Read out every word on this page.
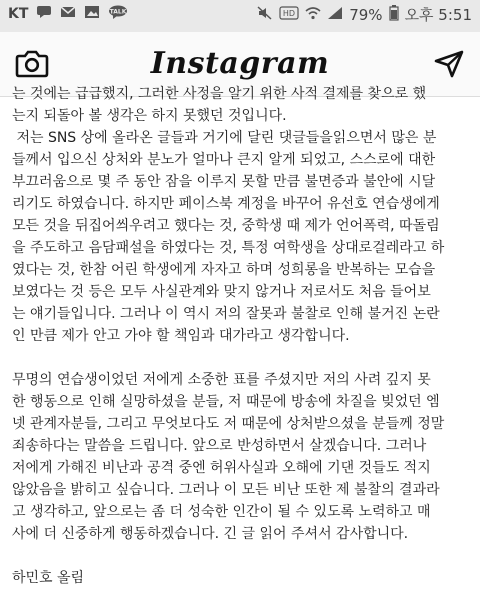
KT	TALK	HD	79% 오후 5:51
Instagram
는 것에는 급급했지, 그러한 사정을 알기 위한 사적 결제를 찾으로 했
는지 되돌아 볼 생각은 하지 못했던 것입니다.
저는 SNS 상에 올라온 글들과 거기에 달린 댓글들을읽으면서 많은 분
들께서 입으신 상처와 분노가 얼마나 큰지 알게 되었고, 스스로에 대한
부끄러움으로 몇 주 동안 잠을 이루지 못할 만큼 불면증과 불안에 시달
리기도 하였습니다. 하지만 페이스북 계정을 바꾸어 유선호 연습생에게
모든 것을 뒤집어씌우려고 했다는 것, 중학생 때 제가 언어폭력, 따돌림
을 주도하고 음담패설을 하였다는 것, 특정 여학생을 상대로걸레라고 하
였다는 것, 한참 어린 학생에게 자자고 하며 성희롱을 반복하는 모습을
보였다는 것 등은 모두 사실관계와 맞지 않거나 저로서도 처음 들어보
는 얘기들입니다. 그러나 이 역시 저의 잘못과 불찰로 인해 불거진 논란
인 만큼 제가 안고 가야 할 책임과 대가라고 생각합니다.
무명의 연습생이었던 저에게 소중한 표를 주셨지만 저의 사려 깊지 못
한 행동으로 인해 실망하셨을 분들, 저 때문에 방송에 차질을 빚었던 엠
넷 관계자분들, 그리고 무엇보다도 저 때문에 상처받으셨을 분들께 정말
죄송하다는 말씀을 드립니다. 앞으로 반성하면서 살겠습니다. 그러나
저에게 가해진 비난과 공격 중엔 허위사실과 오해에 기댄 것들도 적지
않았음을 밝히고 싶습니다. 그러나 이 모든 비난 또한 제 불찰의 결과라
고 생각하고, 앞으로는 좀 더 성숙한 인간이 될 수 있도록 노력하고 매
사에 더 신중하게 행동하겠습니다. 긴 글 읽어 주셔서 감사합니다.
하민호 올림
